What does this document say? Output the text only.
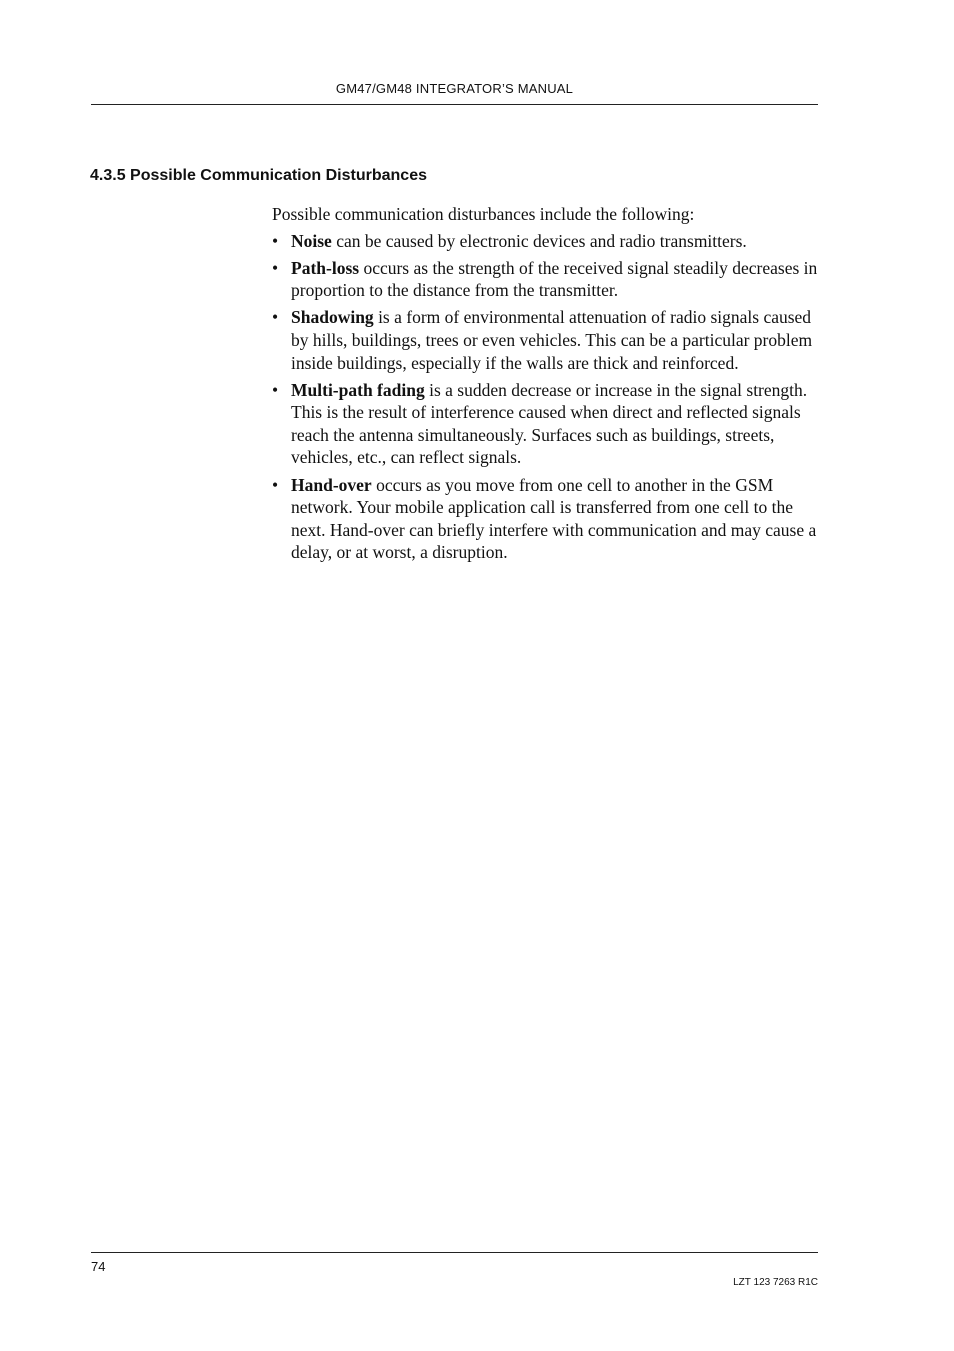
GM47/GM48 INTEGRATOR’S MANUAL
4.3.5 Possible Communication Disturbances

Possible communication disturbances include the following:

• Noise can be caused by electronic devices and radio transmitters.
• Path-loss occurs as the strength of the received signal steadily decreases in proportion to the distance from the transmitter.
• Shadowing is a form of environmental attenuation of radio signals caused by hills, buildings, trees or even vehicles. This can be a particular problem inside buildings, especially if the walls are thick and reinforced.
• Multi-path fading is a sudden decrease or increase in the signal strength. This is the result of interference caused when direct and reflected signals reach the antenna simultaneously. Surfaces such as buildings, streets, vehicles, etc., can reflect signals.
• Hand-over occurs as you move from one cell to another in the GSM network. Your mobile application call is transferred from one cell to the next. Hand-over can briefly interfere with communication and may cause a delay, or at worst, a disruption.
74
LZT 123 7263 R1C
